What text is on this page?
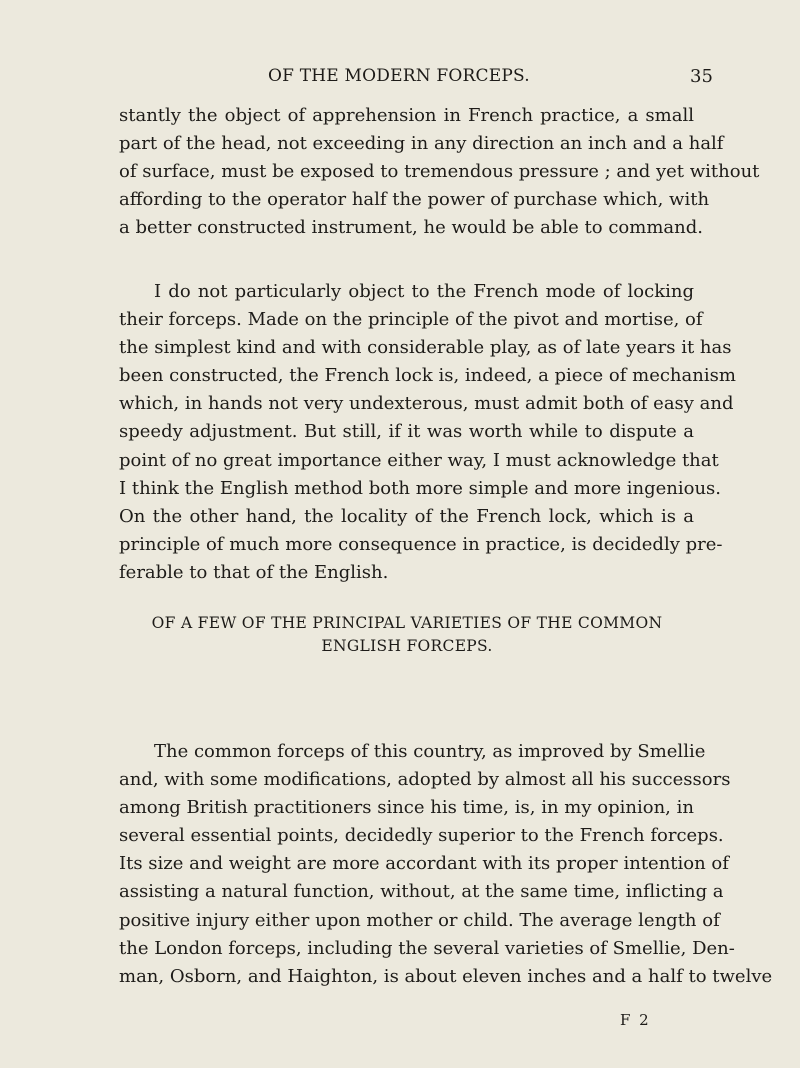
OF THE MODERN FORCEPS.	35
stantly the object of apprehension in French practice, a small
part of the head, not exceeding in any direction an inch and a half
of surface, must be exposed to tremendous pressure ; and yet without
affording to the operator half the power of purchase which, with
a better constructed instrument, he would be able to command.
I do not particularly object to the French mode of locking
their forceps. Made on the principle of the pivot and mortise, of
the simplest kind and with considerable play, as of late years it has
been constructed, the French lock is, indeed, a piece of mechanism
which, in hands not very undexterous, must admit both of easy and
speedy adjustment. But still, if it was worth while to dispute a
point of no great importance either way, I must acknowledge that
I think the English method both more simple and more ingenious.
On the other hand, the locality of the French lock, which is a
principle of much more consequence in practice, is decidedly pre-
ferable to that of the English.
OF A FEW OF THE PRINCIPAL VARIETIES OF THE COMMON
ENGLISH FORCEPS.
The common forceps of this country, as improved by Smellie
and, with some modifications, adopted by almost all his successors
among British practitioners since his time, is, in my opinion, in
several essential points, decidedly superior to the French forceps.
Its size and weight are more accordant with its proper intention of
assisting a natural function, without, at the same time, inflicting a
positive injury either upon mother or child. The average length of
the London forceps, including the several varieties of Smellie, Den-
man, Osborn, and Haighton, is about eleven inches and a half to twelve
F 2
